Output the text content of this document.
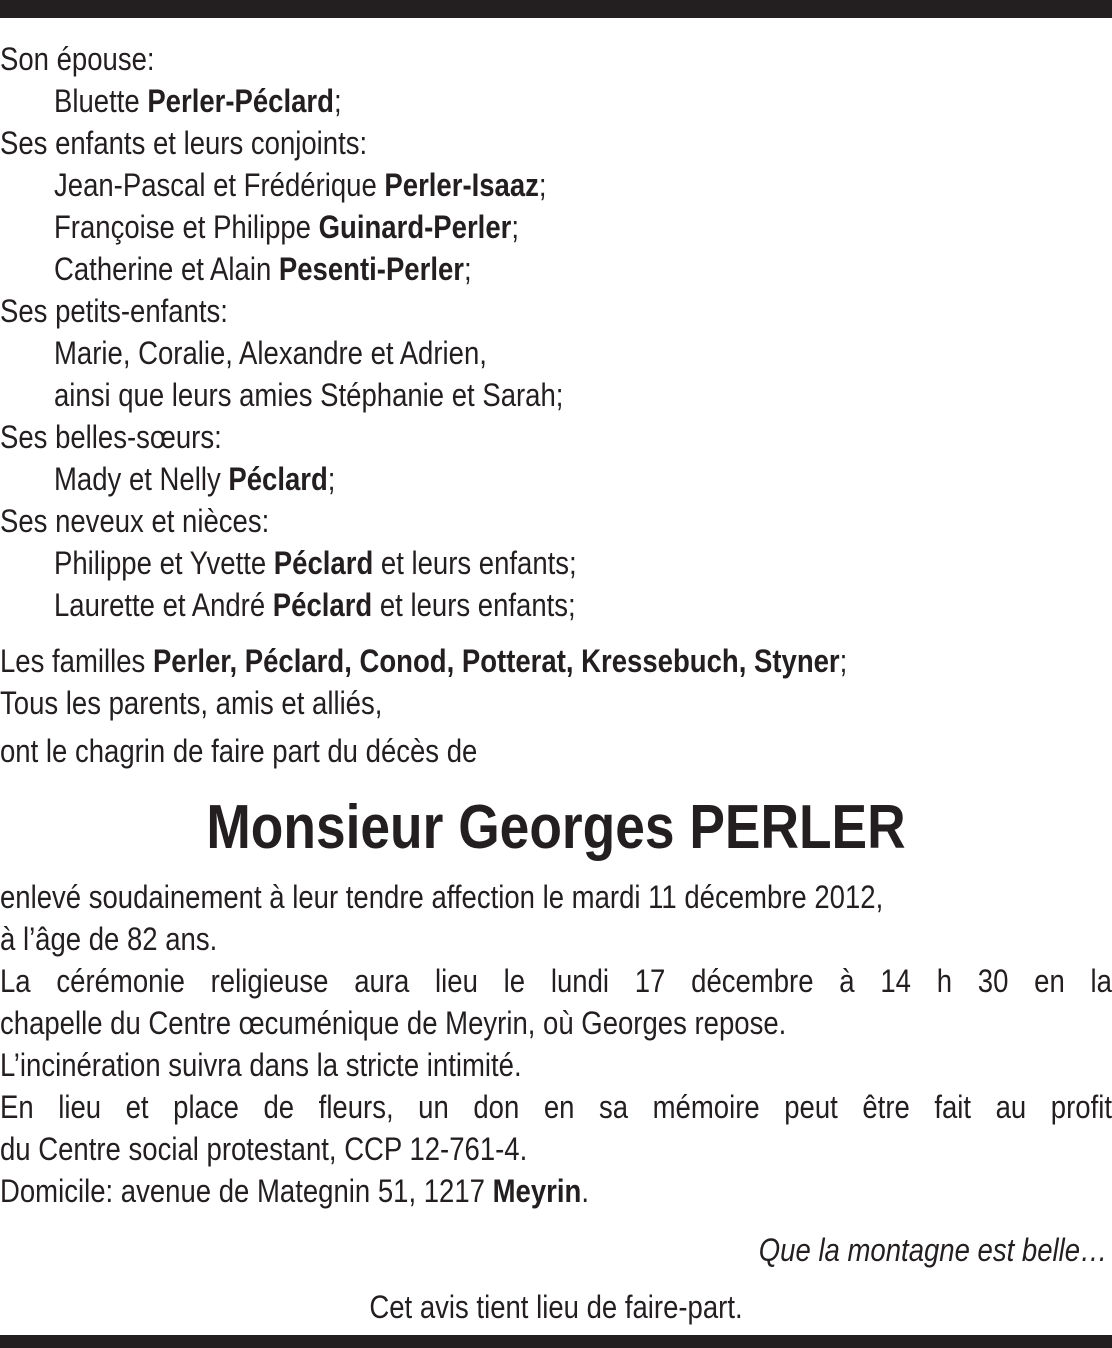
Son épouse:
Bluette Perler-Péclard;
Ses enfants et leurs conjoints:
Jean-Pascal et Frédérique Perler-Isaaz;
Françoise et Philippe Guinard-Perler;
Catherine et Alain Pesenti-Perler;
Ses petits-enfants:
Marie, Coralie, Alexandre et Adrien,
ainsi que leurs amies Stéphanie et Sarah;
Ses belles-sœurs:
Mady et Nelly Péclard;
Ses neveux et nièces:
Philippe et Yvette Péclard et leurs enfants;
Laurette et André Péclard et leurs enfants;
Les familles Perler, Péclard, Conod, Potterat, Kressebuch, Styner;
Tous les parents, amis et alliés,
ont le chagrin de faire part du décès de
Monsieur Georges PERLER
enlevé soudainement à leur tendre affection le mardi 11 décembre 2012,
à l’âge de 82 ans.
La cérémonie religieuse aura lieu le lundi 17 décembre à 14 h 30 en la
chapelle du Centre œcuménique de Meyrin, où Georges repose.
L’incinération suivra dans la stricte intimité.
En lieu et place de fleurs, un don en sa mémoire peut être fait au profit
du Centre social protestant, CCP 12-761-4.
Domicile: avenue de Mategnin 51, 1217 Meyrin.
Que la montagne est belle…
Cet avis tient lieu de faire-part.
